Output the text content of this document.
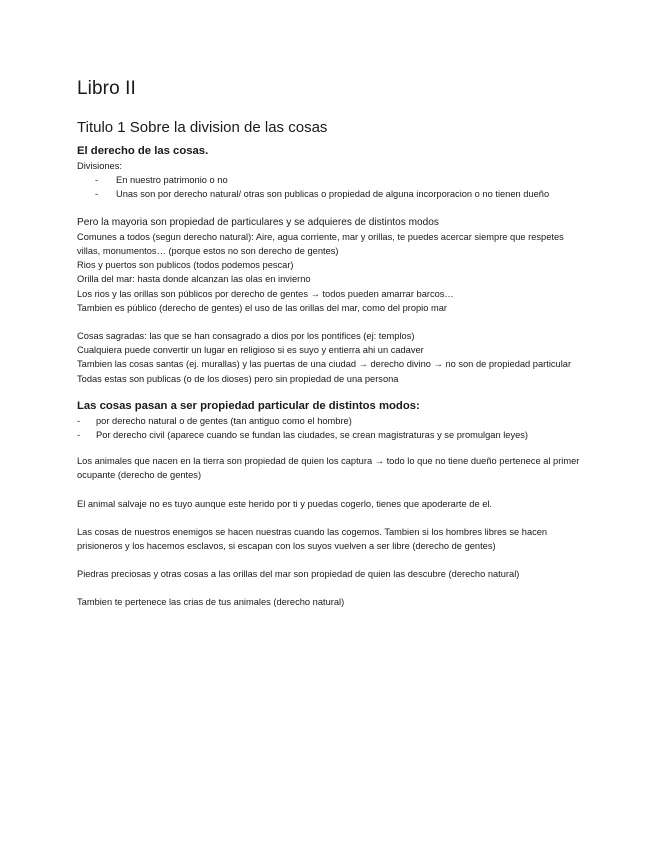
Libro II
Titulo 1 Sobre la division de las cosas
El derecho de las cosas.

Divisiones:

- En nuestro patrimonio o no
- Unas son por derecho natural/ otras son publicas o propiedad de alguna incorporacion o no tienen dueño

Pero la mayoria son propiedad de particulares y se adquieres de distintos modos

Comunes a todos (segun derecho natural): Aire, agua corriente, mar y orillas, te puedes acercar siempre que respetes villas, monumentos… (porque estos no son derecho de gentes)

Rios y puertos son publicos (todos podemos pescar)

Orilla del mar: hasta donde alcanzan las olas en invierno

Los rios y las orillas son públicos por derecho de gentes → todos pueden amarrar barcos…

Tambien es público (derecho de gentes) el uso de las orillas del mar, como del propio mar

Cosas sagradas: las que se han consagrado a dios por los pontifices (ej: templos)

Cualquiera puede convertir un lugar en religioso si es suyo y entierra ahi un cadaver

Tambien las cosas santas (ej. murallas) y las puertas de una ciudad → derecho divino → no son de propiedad particular

Todas estas son publicas (o de los dioses) pero sin propiedad de una persona

Las cosas pasan a ser propiedad particular de distintos modos:
- por derecho natural o de gentes (tan antiguo como el hombre)
- Por derecho civil (aparece cuando se fundan las ciudades, se crean magistraturas y se promulgan leyes)

Los animales que nacen en la tierra son propiedad de quien los captura → todo lo que no tiene dueño pertenece al primer ocupante (derecho de gentes)

El animal salvaje no es tuyo aunque este herido por ti y puedas cogerlo, tienes que apoderarte de el.

Las cosas de nuestros enemigos se hacen nuestras cuando las cogemos. Tambien si los hombres libres se hacen prisioneros y los hacemos esclavos, si escapan con los suyos vuelven a ser libre (derecho de gentes)

Piedras preciosas y otras cosas a las orillas del mar son propiedad de quien las descubre (derecho natural)

Tambien te pertenece las crias de tus animales (derecho natural)
